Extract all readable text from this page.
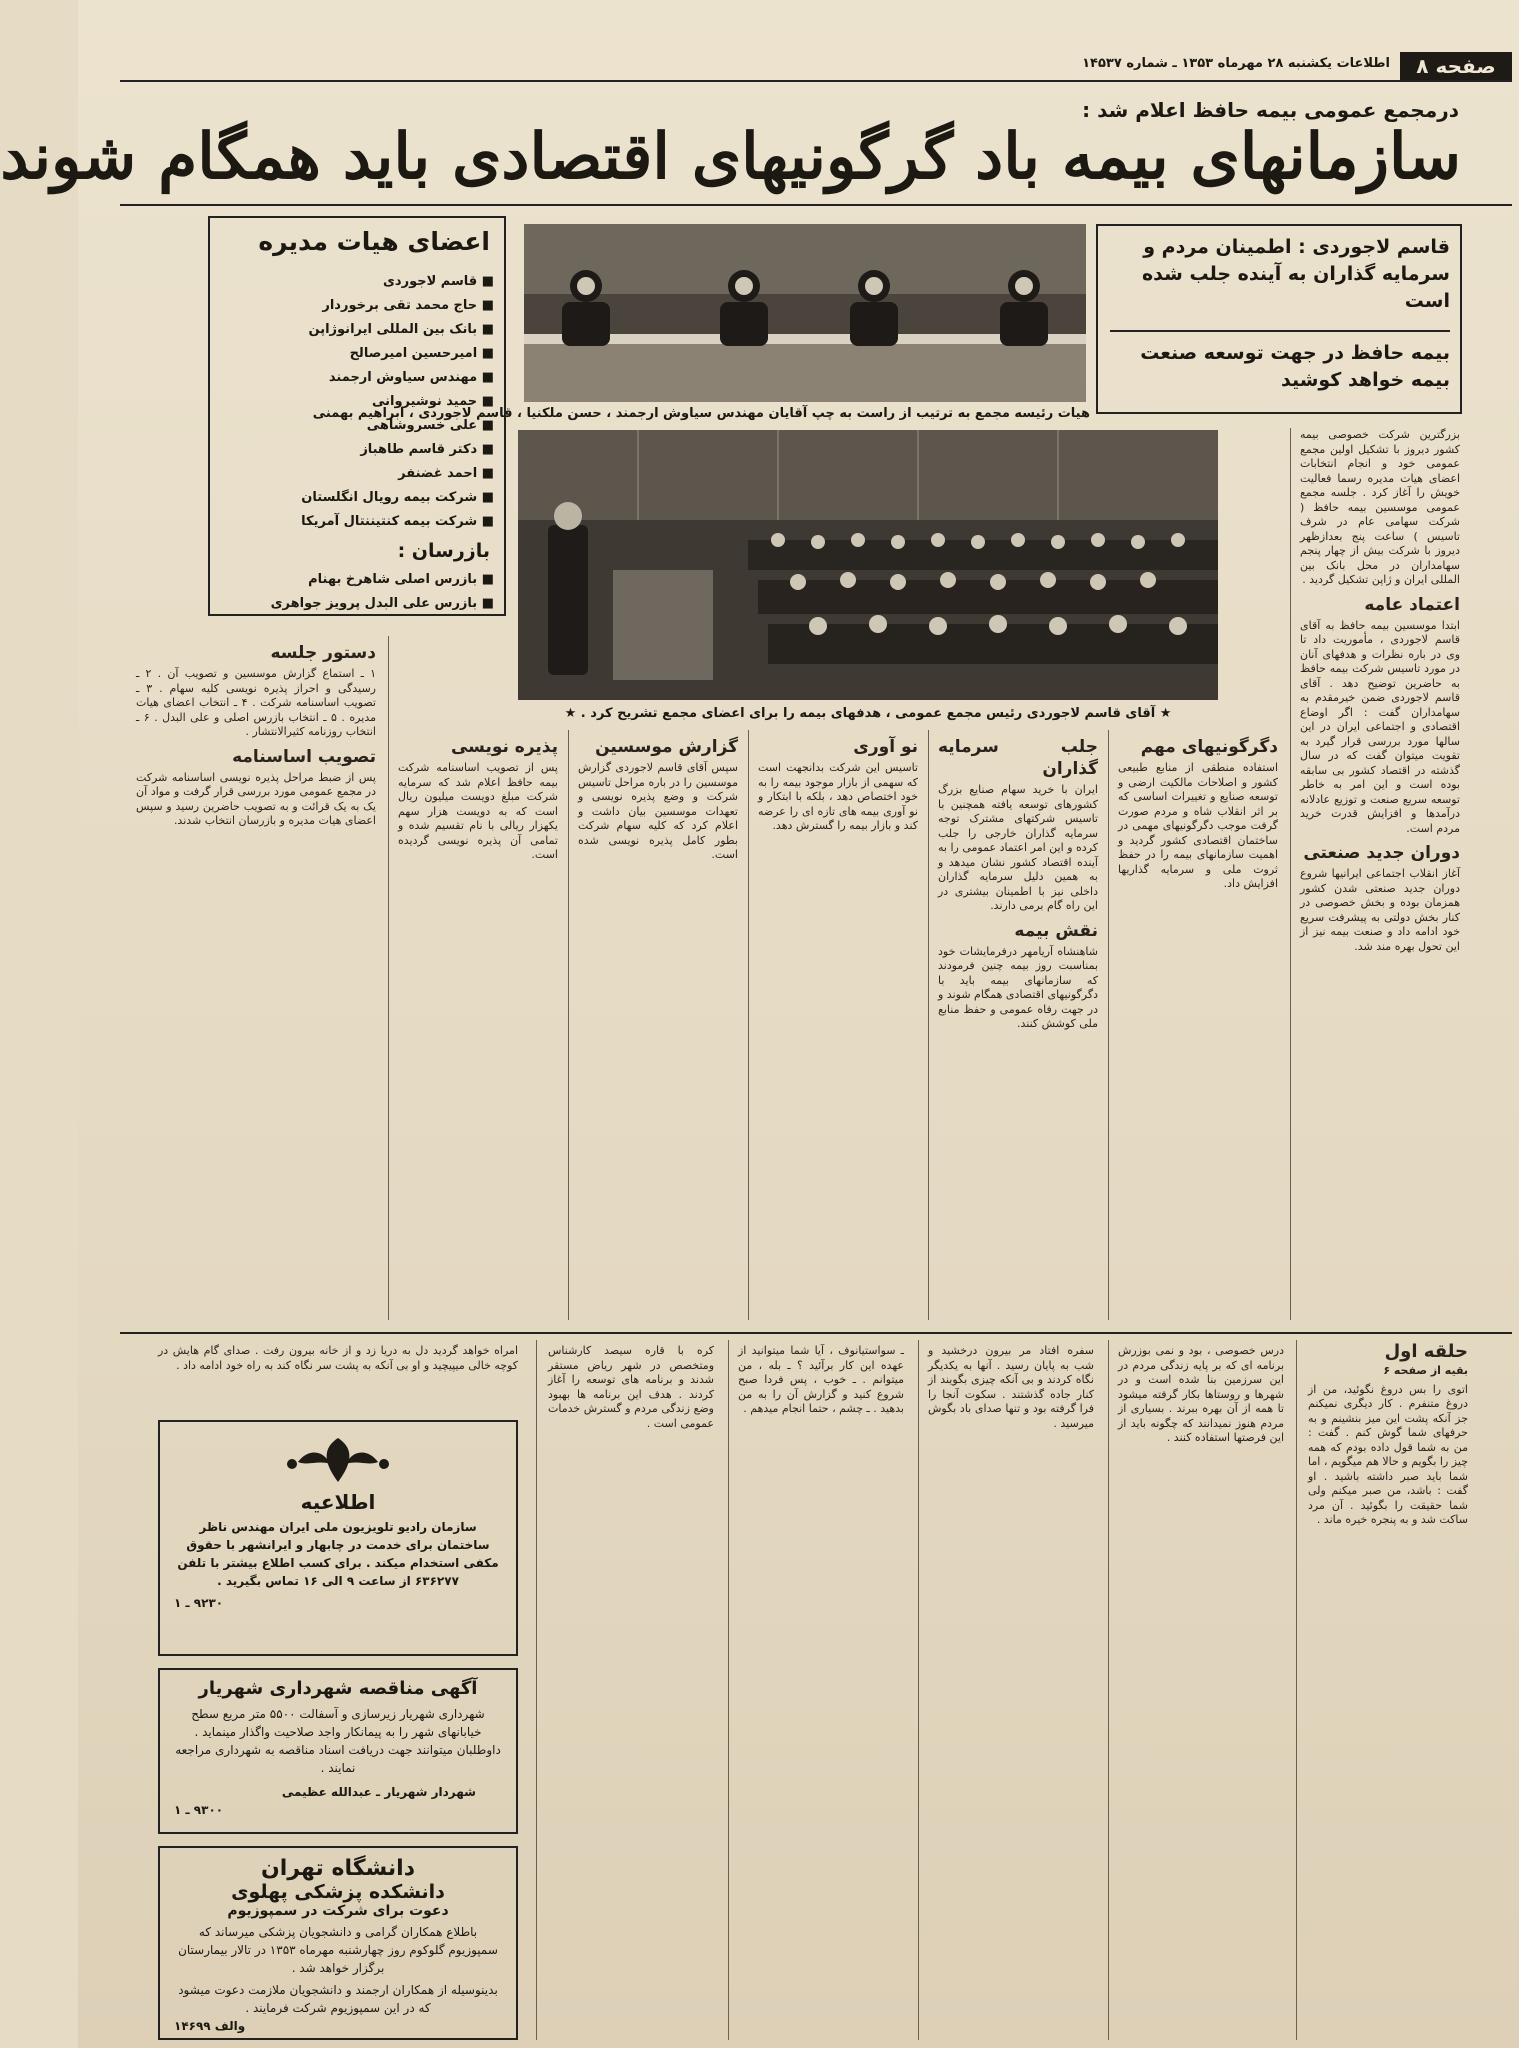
صفحه ۸
اطلاعات یکشنبه ۲۸ مهرماه ۱۳۵۳ ـ شماره ۱۴۵۳۷
درمجمع عمومی بیمه حافظ اعلام شد :
سازمانهای بیمه باد گرگونیهای اقتصادی باید همگام شوند
قاسم لاجوردی : اطمینان مردم و سرمایه گذاران به آینده جلب شده است
بیمه حافظ در جهت توسعه صنعت بیمه خواهد کوشید
هیات رئیسه مجمع به ترتیب از راست به چپ آقایان مهندس سیاوش ارجمند ، حسن ملکنیا ، قاسم لاجوردی ، ابراهیم بهمنی
★ آقای قاسم لاجوردی رئیس مجمع عمومی ، هدفهای بیمه را برای اعضای مجمع تشریح کرد . ★
اعضای هیات مدیره
■ قاسم لاجوردی
■ حاج محمد تقی برخوردار
■ بانک بین المللی ایرانوژاپن
■ امیرحسین امیرصالح
■ مهندس سیاوش ارجمند
■ حمید نوشیروانی
■ علی خسروشاهی
■ دکتر قاسم طاهباز
■ احمد غضنفر
■ شرکت بیمه رویال انگلستان
■ شرکت بیمه کنتیننتال آمریکا
بازرسان :
■ بازرس اصلی شاهرخ بهنام
■ بازرس علی البدل پرویز جواهری

بزرگترین شرکت خصوصی بیمه کشور دیروز با تشکیل اولین مجمع عمومی خود و انجام انتخابات اعضای هیات مدیره رسما فعالیت خویش را آغاز کرد . جلسه مجمع عمومی موسسین بیمه حافظ ( شرکت سهامی عام در شرف تاسیس ) ساعت پنج بعدازظهر دیروز با شرکت بیش از چهار پنجم سهامداران در محل بانک بین المللی ایران و ژاپن تشکیل گردید .

اعتماد عامه

ابتدا موسسین بیمه حافظ به آقای قاسم لاجوردی ، مأموریت داد تا وی در باره نظرات و هدفهای آنان در مورد تاسیس شرکت بیمه حافظ به حاضرین توضیح دهد . آقای قاسم لاجوردی ضمن خیرمقدم به سهامداران گفت : اگر اوضاع اقتصادی و اجتماعی ایران در این سالها مورد بررسی قرار گیرد به تقویت میتوان گفت که در سال گذشته در اقتصاد کشور بی سابقه بوده است و این امر به خاطر توسعه سریع صنعت و توزیع عادلانه درآمدها و افزایش قدرت خرید مردم است.

دوران جدید صنعتی

آغاز انقلاب اجتماعی ایرانیها شروع دوران جدید صنعتی شدن کشور همزمان بوده و بخش خصوصی در کنار بخش دولتی به پیشرفت سریع خود ادامه داد و صنعت بیمه نیز از این تحول بهره مند شد.

دگرگونیهای مهم

استفاده منطقی از منابع طبیعی کشور و اصلاحات مالکیت ارضی و توسعه صنایع و تغییرات اساسی که بر اثر انقلاب شاه و مردم صورت گرفت موجب دگرگونیهای مهمی در ساختمان اقتصادی کشور گردید و اهمیت سازمانهای بیمه را در حفظ ثروت ملی و سرمایه گذاریها افزایش داد.

جلب سرمایه گذاران

ایران با خرید سهام صنایع بزرگ کشورهای توسعه یافته همچنین با تاسیس شرکتهای مشترک توجه سرمایه گذاران خارجی را جلب کرده و این امر اعتماد عمومی را به آینده اقتصاد کشور نشان میدهد و به همین دلیل سرمایه گذاران داخلی نیز با اطمینان بیشتری در این راه گام برمی دارند.

نقش بیمه

شاهنشاه آریامهر درفرمایشات خود بمناسبت روز بیمه چنین فرمودند که سازمانهای بیمه باید با دگرگونیهای اقتصادی همگام شوند و در جهت رفاه عمومی و حفظ منابع ملی کوشش کنند.

نو آوری

تاسیس این شرکت بدانجهت است که سهمی از بازار موجود بیمه را به خود اختصاص دهد ، بلکه با ابتکار و نو آوری بیمه های تازه ای را عرضه کند و بازار بیمه را گسترش دهد.

گزارش موسسین

سپس آقای قاسم لاجوردی گزارش موسسین را در باره مراحل تاسیس شرکت و وضع پذیره نویسی و تعهدات موسسین بیان داشت و اعلام کرد که کلیه سهام شرکت بطور کامل پذیره نویسی شده است.

پذیره نویسی

پس از تصویب اساسنامه شرکت بیمه حافظ اعلام شد که سرمایه شرکت مبلغ دویست میلیون ریال است که به دویست هزار سهم یکهزار ریالی با نام تقسیم شده و تمامی آن پذیره نویسی گردیده است.

دستور جلسه

۱ ـ استماع گزارش موسسین و تصویب آن . ۲ ـ رسیدگی و احراز پذیره نویسی کلیه سهام . ۳ ـ تصویب اساسنامه شرکت . ۴ ـ انتخاب اعضای هیات مدیره . ۵ ـ انتخاب بازرس اصلی و علی البدل . ۶ ـ انتخاب روزنامه کثیرالانتشار .

تصویب اساسنامه

پس از ضبط مراحل پذیره نویسی اساسنامه شرکت در مجمع عمومی مورد بررسی قرار گرفت و مواد آن یک به یک قرائت و به تصویب حاضرین رسید و سپس اعضای هیات مدیره و بازرسان انتخاب شدند.

حلقه اول
بقیه از صفحه ۶

اتوی را بس دروغ نگوئید، من از دروغ متنفرم . کار دیگری نمیکنم جز آنکه پشت این میز بنشینم و به حرفهای شما گوش کنم . گفت : من به شما قول داده بودم که همه چیز را بگویم و حالا هم میگویم ، اما شما باید صبر داشته باشید . او گفت : باشد، من صبر میکنم ولی شما حقیقت را بگوئید . آن مرد ساکت شد و به پنجره خیره ماند .

درس خصوصی ، بود و نمی بوزرش برنامه ای که بر پایه زندگی مردم در این سرزمین بنا شده است و در شهرها و روستاها بکار گرفته میشود تا همه از آن بهره ببرند . بسیاری از مردم هنوز نمیدانند که چگونه باید از این فرصتها استفاده کنند .

سفره افتاد مر بیرون درخشید و شب به پایان رسید . آنها به یکدیگر نگاه کردند و بی آنکه چیزی بگویند از کنار جاده گذشتند . سکوت آنجا را فرا گرفته بود و تنها صدای باد بگوش میرسید .

ـ سواستیانوف ، آیا شما میتوانید از عهده این کار برآئید ؟ ـ بله ، من میتوانم . ـ خوب ، پس فردا صبح شروع کنید و گزارش آن را به من بدهید . ـ چشم ، حتما انجام میدهم .

کره با قاره سیصد کارشناس ومتخصص در شهر ریاض مستقر شدند و برنامه های توسعه را آغاز کردند . هدف این برنامه ها بهبود وضع زندگی مردم و گسترش خدمات عمومی است .

امراه خواهد گردید دل به دریا زد و از خانه بیرون رفت . صدای گام هایش در کوچه خالی میپیچید و او بی آنکه به پشت سر نگاه کند به راه خود ادامه داد .

اطلاعیه
سازمان رادیو تلویزیون ملی ایران مهندس ناظر ساختمان برای خدمت در چابهار و ایرانشهر با حقوق مکفی استخدام میکند . برای کسب اطلاع بیشتر با تلفن ۶۳۶۲۷۷ از ساعت ۹ الی ۱۶ تماس بگیرید .
۹۲۳۰ ـ ۱
آگهی مناقصه شهرداری شهریار
شهرداری شهریار زیرسازی و آسفالت ۵۵۰۰ متر مربع سطح خیابانهای شهر را به پیمانکار واجد صلاحیت واگذار مینماید . داوطلبان میتوانند جهت دریافت اسناد مناقصه به شهرداری مراجعه نمایند .
شهردار شهریار ـ عبدالله عظیمی
۹۳۰۰ ـ ۱
دانشگاه تهران
دانشکده پزشکی پهلوی
دعوت برای شرکت در سمپوزیوم
باطلاع همکاران گرامی و دانشجویان پزشکی میرساند که سمپوزیوم گلوکوم روز چهارشنبه مهرماه ۱۳۵۳ در تالار بیمارستان برگزار خواهد شد .
بدینوسیله از همکاران ارجمند و دانشجویان ملازمت دعوت میشود که در این سمپوزیوم شرکت فرمایند .
والف ۱۴۶۹۹
